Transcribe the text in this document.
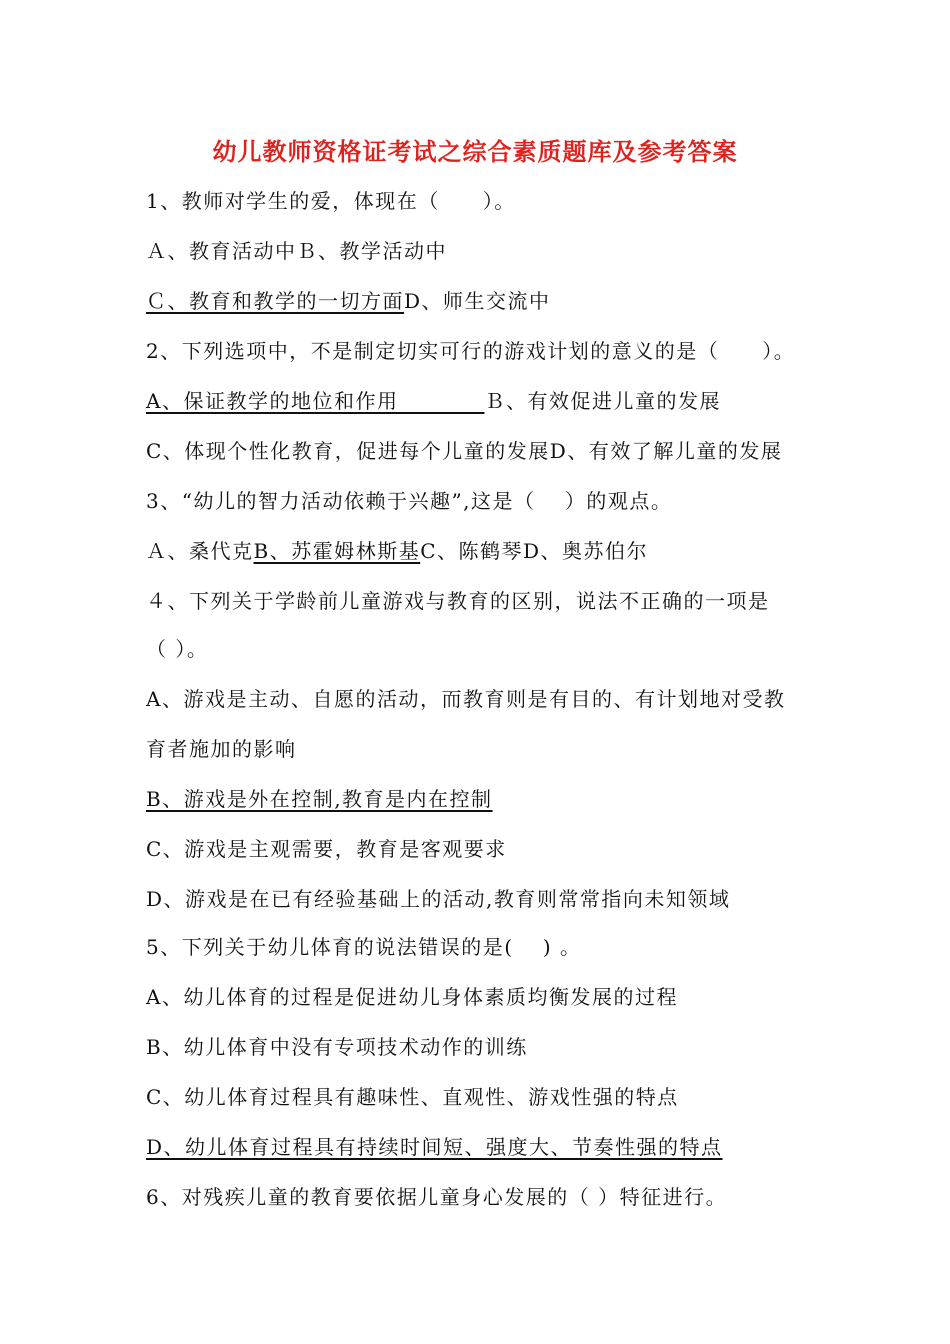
幼儿教师资格证考试之综合素质题库及参考答案
1、教师对学生的爱，体现在（　　）。
Ａ、教育活动中Ｂ、教学活动中
Ｃ、教育和教学的一切方面D、师生交流中
2、下列选项中，不是制定切实可行的游戏计划的意义的是（　　）。
A、保证教学的地位和作用　　　　Ｂ、有效促进儿童的发展
C、体现个性化教育，促进每个儿童的发展D、有效了解儿童的发展
3、“幼儿的智力活动依赖于兴趣”,这是（　 ）的观点。
Ａ、桑代克B、苏霍姆林斯基C、陈鹤琴D、奥苏伯尔
４、下列关于学龄前儿童游戏与教育的区别，说法不正确的一项是
（ ）。
A、游戏是主动、自愿的活动，而教育则是有目的、有计划地对受教
育者施加的影响
B、游戏是外在控制,教育是内在控制
C、游戏是主观需要，教育是客观要求
D、游戏是在已有经验基础上的活动,教育则常常指向未知领域
5、下列关于幼儿体育的说法错误的是(　 ) 。
A、幼儿体育的过程是促进幼儿身体素质均衡发展的过程
B、幼儿体育中没有专项技术动作的训练
C、幼儿体育过程具有趣味性、直观性、游戏性强的特点
D、幼儿体育过程具有持续时间短、强度大、节奏性强的特点
6、对残疾儿童的教育要依据儿童身心发展的（ ）特征进行。
